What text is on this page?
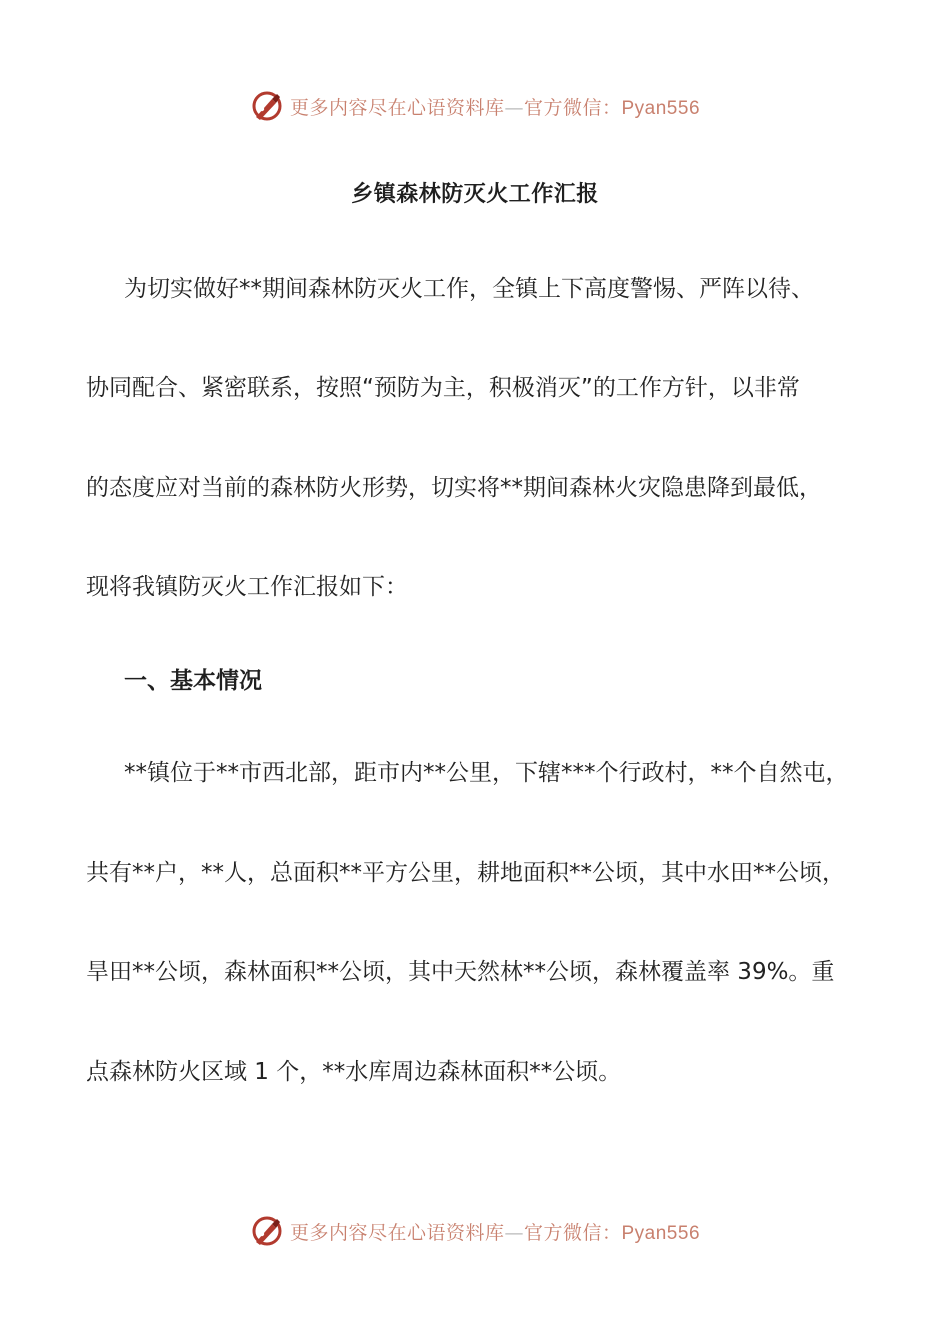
更多内容尽在心语资料库—官方微信：Pyan556
乡镇森林防灭火工作汇报

为切实做好**期间森林防灭火工作，全镇上下高度警惕、严阵以待、

协同配合、紧密联系，按照“预防为主，积极消灭”的工作方针，以非常

的态度应对当前的森林防火形势，切实将**期间森林火灾隐患降到最低，

现将我镇防灭火工作汇报如下：

一、基本情况

**镇位于**市西北部，距市内**公里，下辖***个行政村，**个自然屯，

共有**户，**人，总面积**平方公里，耕地面积**公顷，其中水田**公顷，

旱田**公顷，森林面积**公顷，其中天然林**公顷，森林覆盖率 39%。重

点森林防火区域 1 个，**水库周边森林面积**公顷。

更多内容尽在心语资料库—官方微信：Pyan556
